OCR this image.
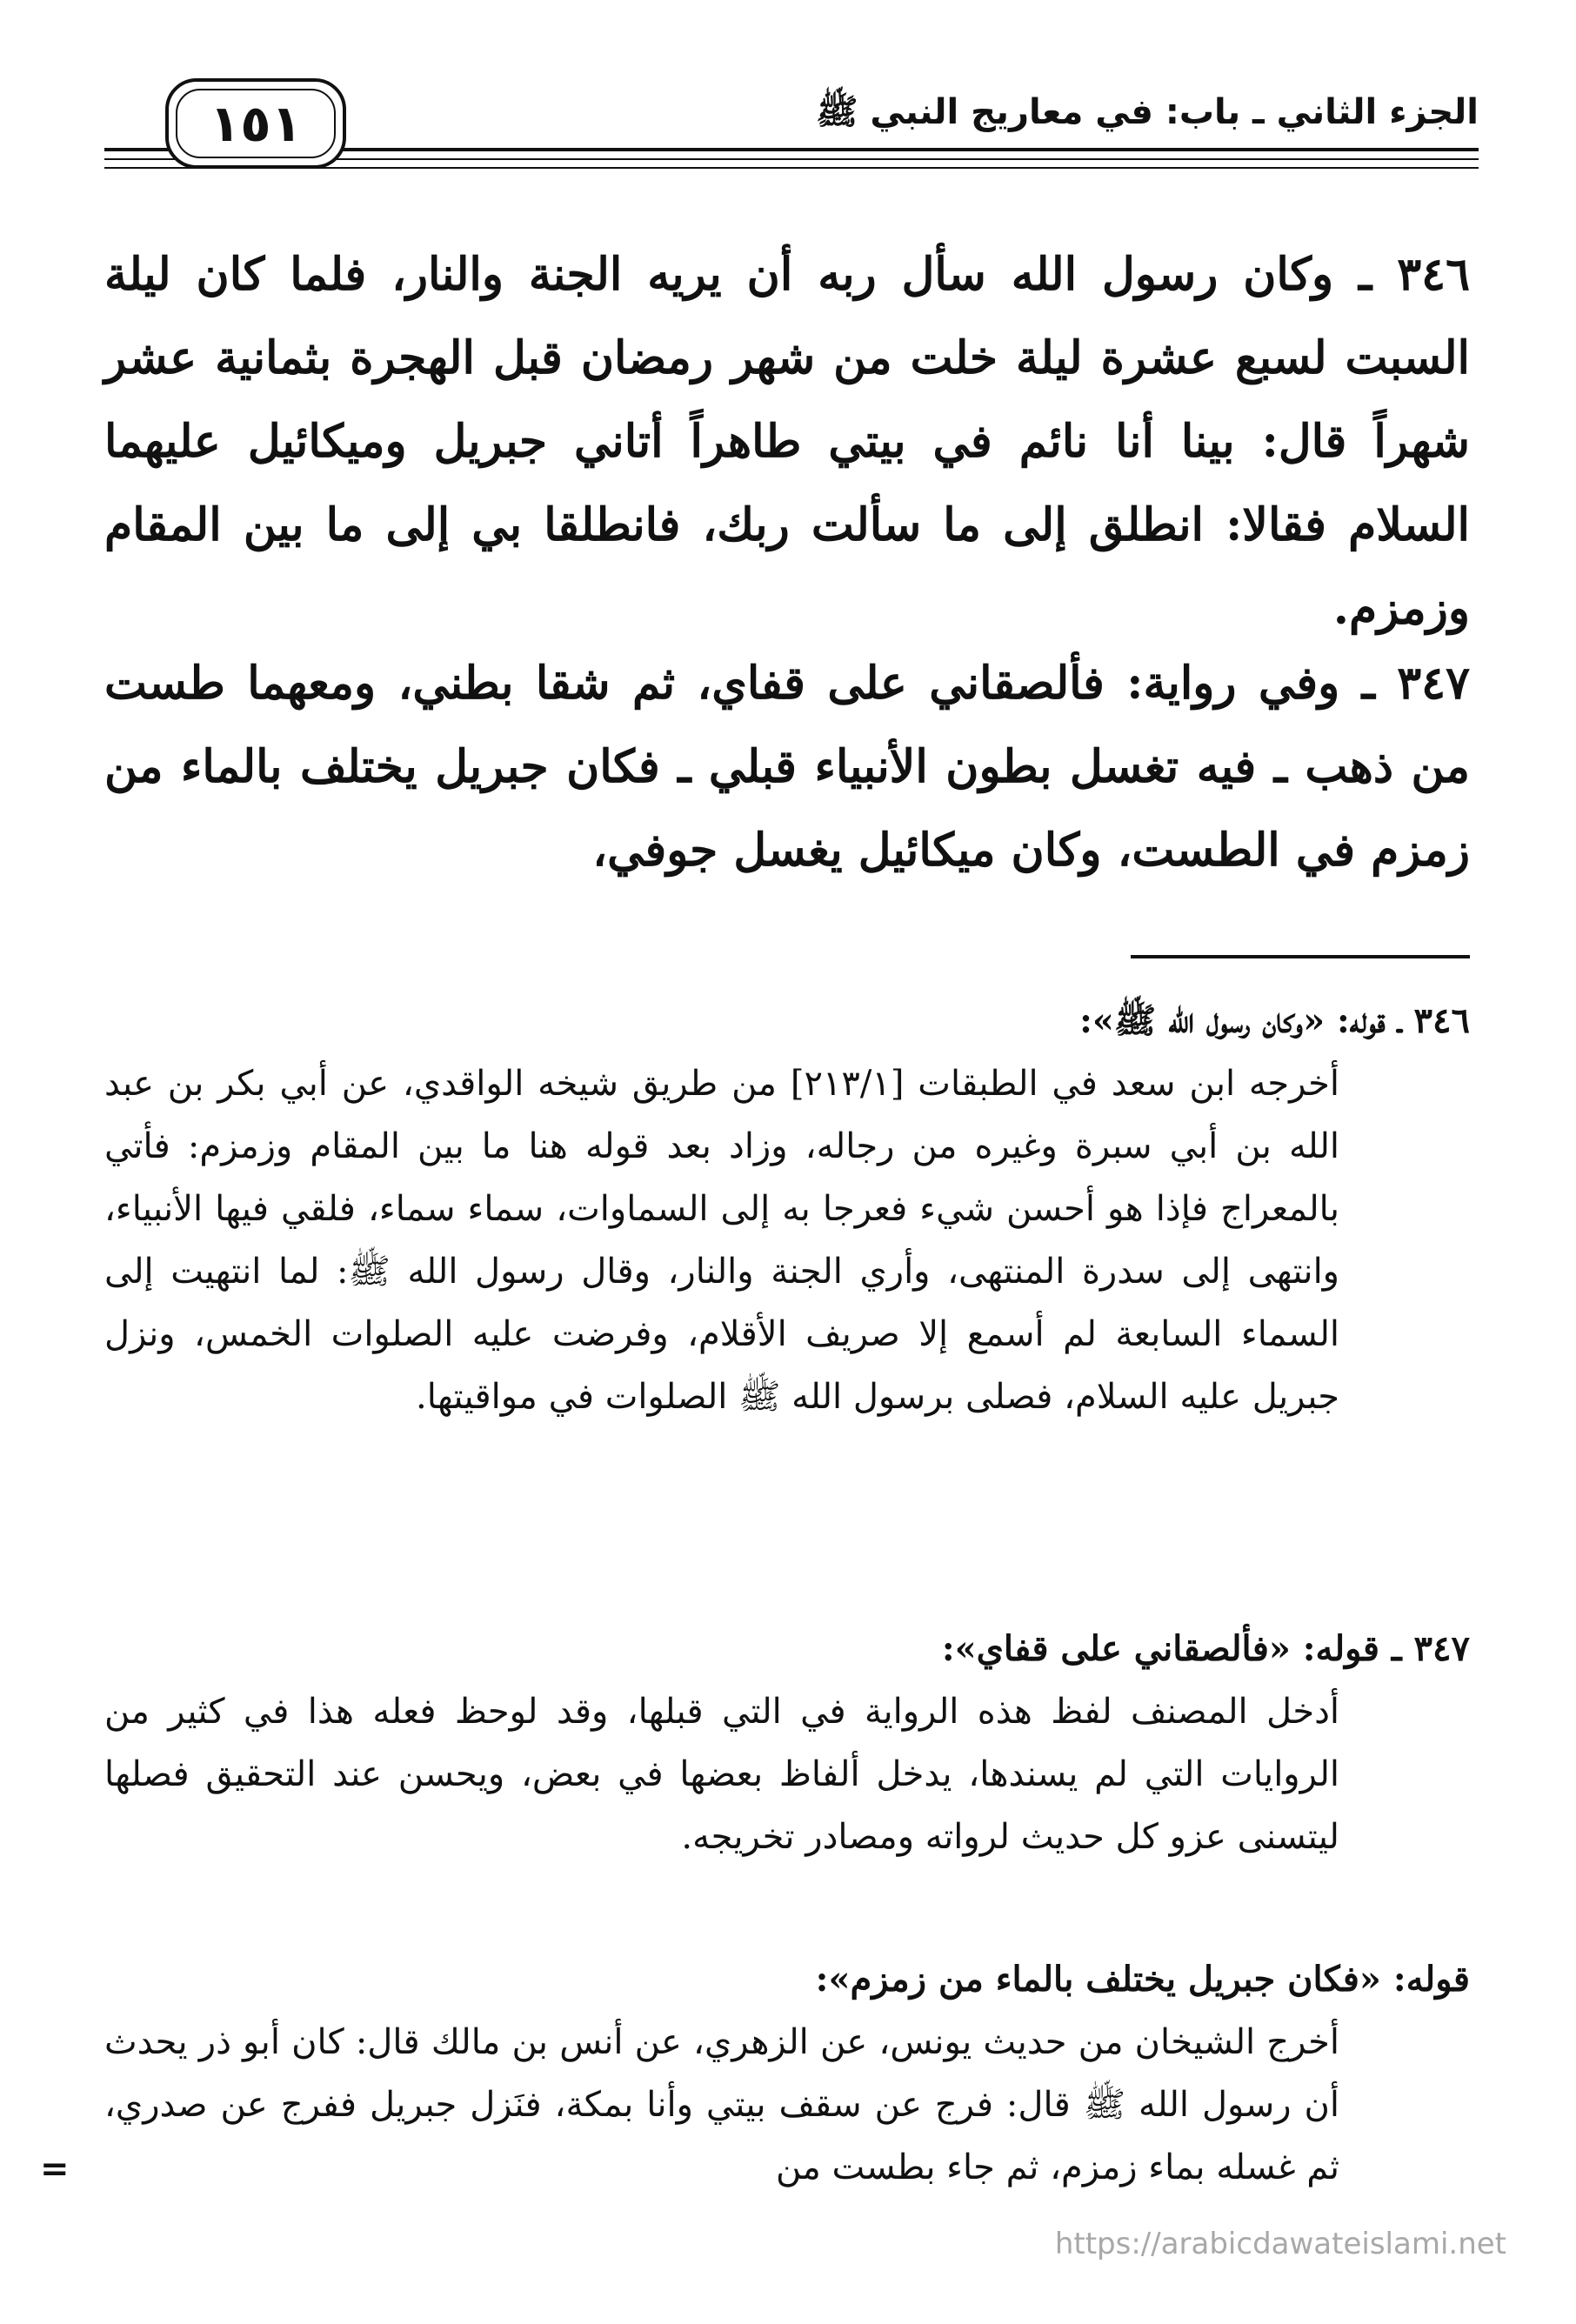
١٥١	الجزء الثاني ـ باب: في معاريج النبي ﷺ

٣٤٦ ـ وكان رسول الله سأل ربه أن يريه الجنة والنار، فلما كان ليلة السبت لسبع عشرة ليلة خلت من شهر رمضان قبل الهجرة بثمانية عشر شهراً قال: بينا أنا نائم في بيتي طاهراً أتاني جبريل وميكائيل عليهما السلام فقالا: انطلق إلى ما سألت ربك، فانطلقا بي إلى ما بين المقام وزمزم.

٣٤٧ ـ وفي رواية: فألصقاني على قفاي، ثم شقا بطني، ومعهما طست من ذهب ـ فيه تغسل بطون الأنبياء قبلي ـ فكان جبريل يختلف بالماء من زمزم في الطست، وكان ميكائيل يغسل جوفي،

٣٤٦ ـ قوله: «وكان رسول الله ﷺ»:

أخرجه ابن سعد في الطبقات [٢١٣/١] من طريق شيخه الواقدي، عن أبي بكر بن عبد الله بن أبي سبرة وغيره من رجاله، وزاد بعد قوله هنا ما بين المقام وزمزم: فأتي بالمعراج فإذا هو أحسن شيء فعرجا به إلى السماوات، سماء سماء، فلقي فيها الأنبياء، وانتهى إلى سدرة المنتهى، وأري الجنة والنار، وقال رسول الله ﷺ: لما انتهيت إلى السماء السابعة لم أسمع إلا صريف الأقلام، وفرضت عليه الصلوات الخمس، ونزل جبريل عليه السلام، فصلى برسول الله ﷺ الصلوات في مواقيتها.

٣٤٧ ـ قوله: «فألصقاني على قفاي»:

أدخل المصنف لفظ هذه الرواية في التي قبلها، وقد لوحظ فعله هذا في كثير من الروايات التي لم يسندها، يدخل ألفاظ بعضها في بعض، ويحسن عند التحقيق فصلها ليتسنى عزو كل حديث لرواته ومصادر تخريجه.

قوله: «فكان جبريل يختلف بالماء من زمزم»:

أخرج الشيخان من حديث يونس، عن الزهري، عن أنس بن مالك قال: كان أبو ذر يحدث أن رسول الله ﷺ قال: فرج عن سقف بيتي وأنا بمكة، فنَزل جبريل ففرج عن صدري، ثم غسله بماء زمزم، ثم جاء بطست من

=
https://arabicdawateislami.net
